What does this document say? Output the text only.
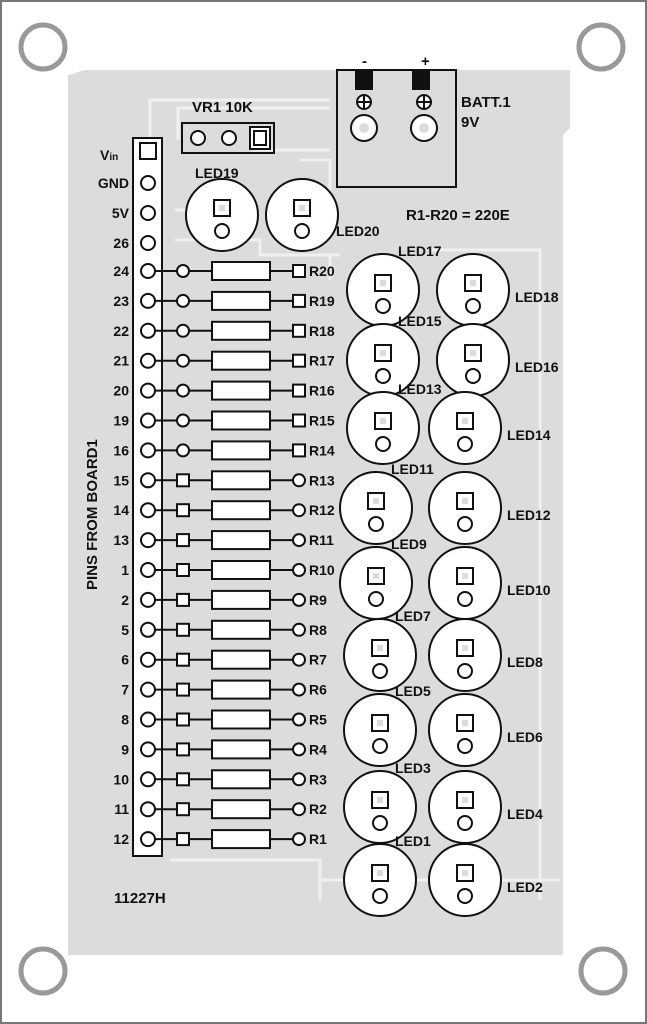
VR1 10K	BATT.1
9V
R1-R20 = 220E
11227H
-	+
Vin
PINS FROM BOARD1
GND
5V
26
24	R20
23	R19
22	R18
21	R17
20	R16
19	R15
16	R14
15	R13
14	R12
13	R11
1	R10
2	R9
5	R8
6	R7
7	R6
8	R5
9	R4
10	R3
11	R2
12	R1
LED19
LED20
LED17
LED15
LED13
LED11
LED9
LED7
LED5
LED3
LED1
LED18
LED16
LED14
LED12
LED10
LED8
LED6
LED4
LED2
